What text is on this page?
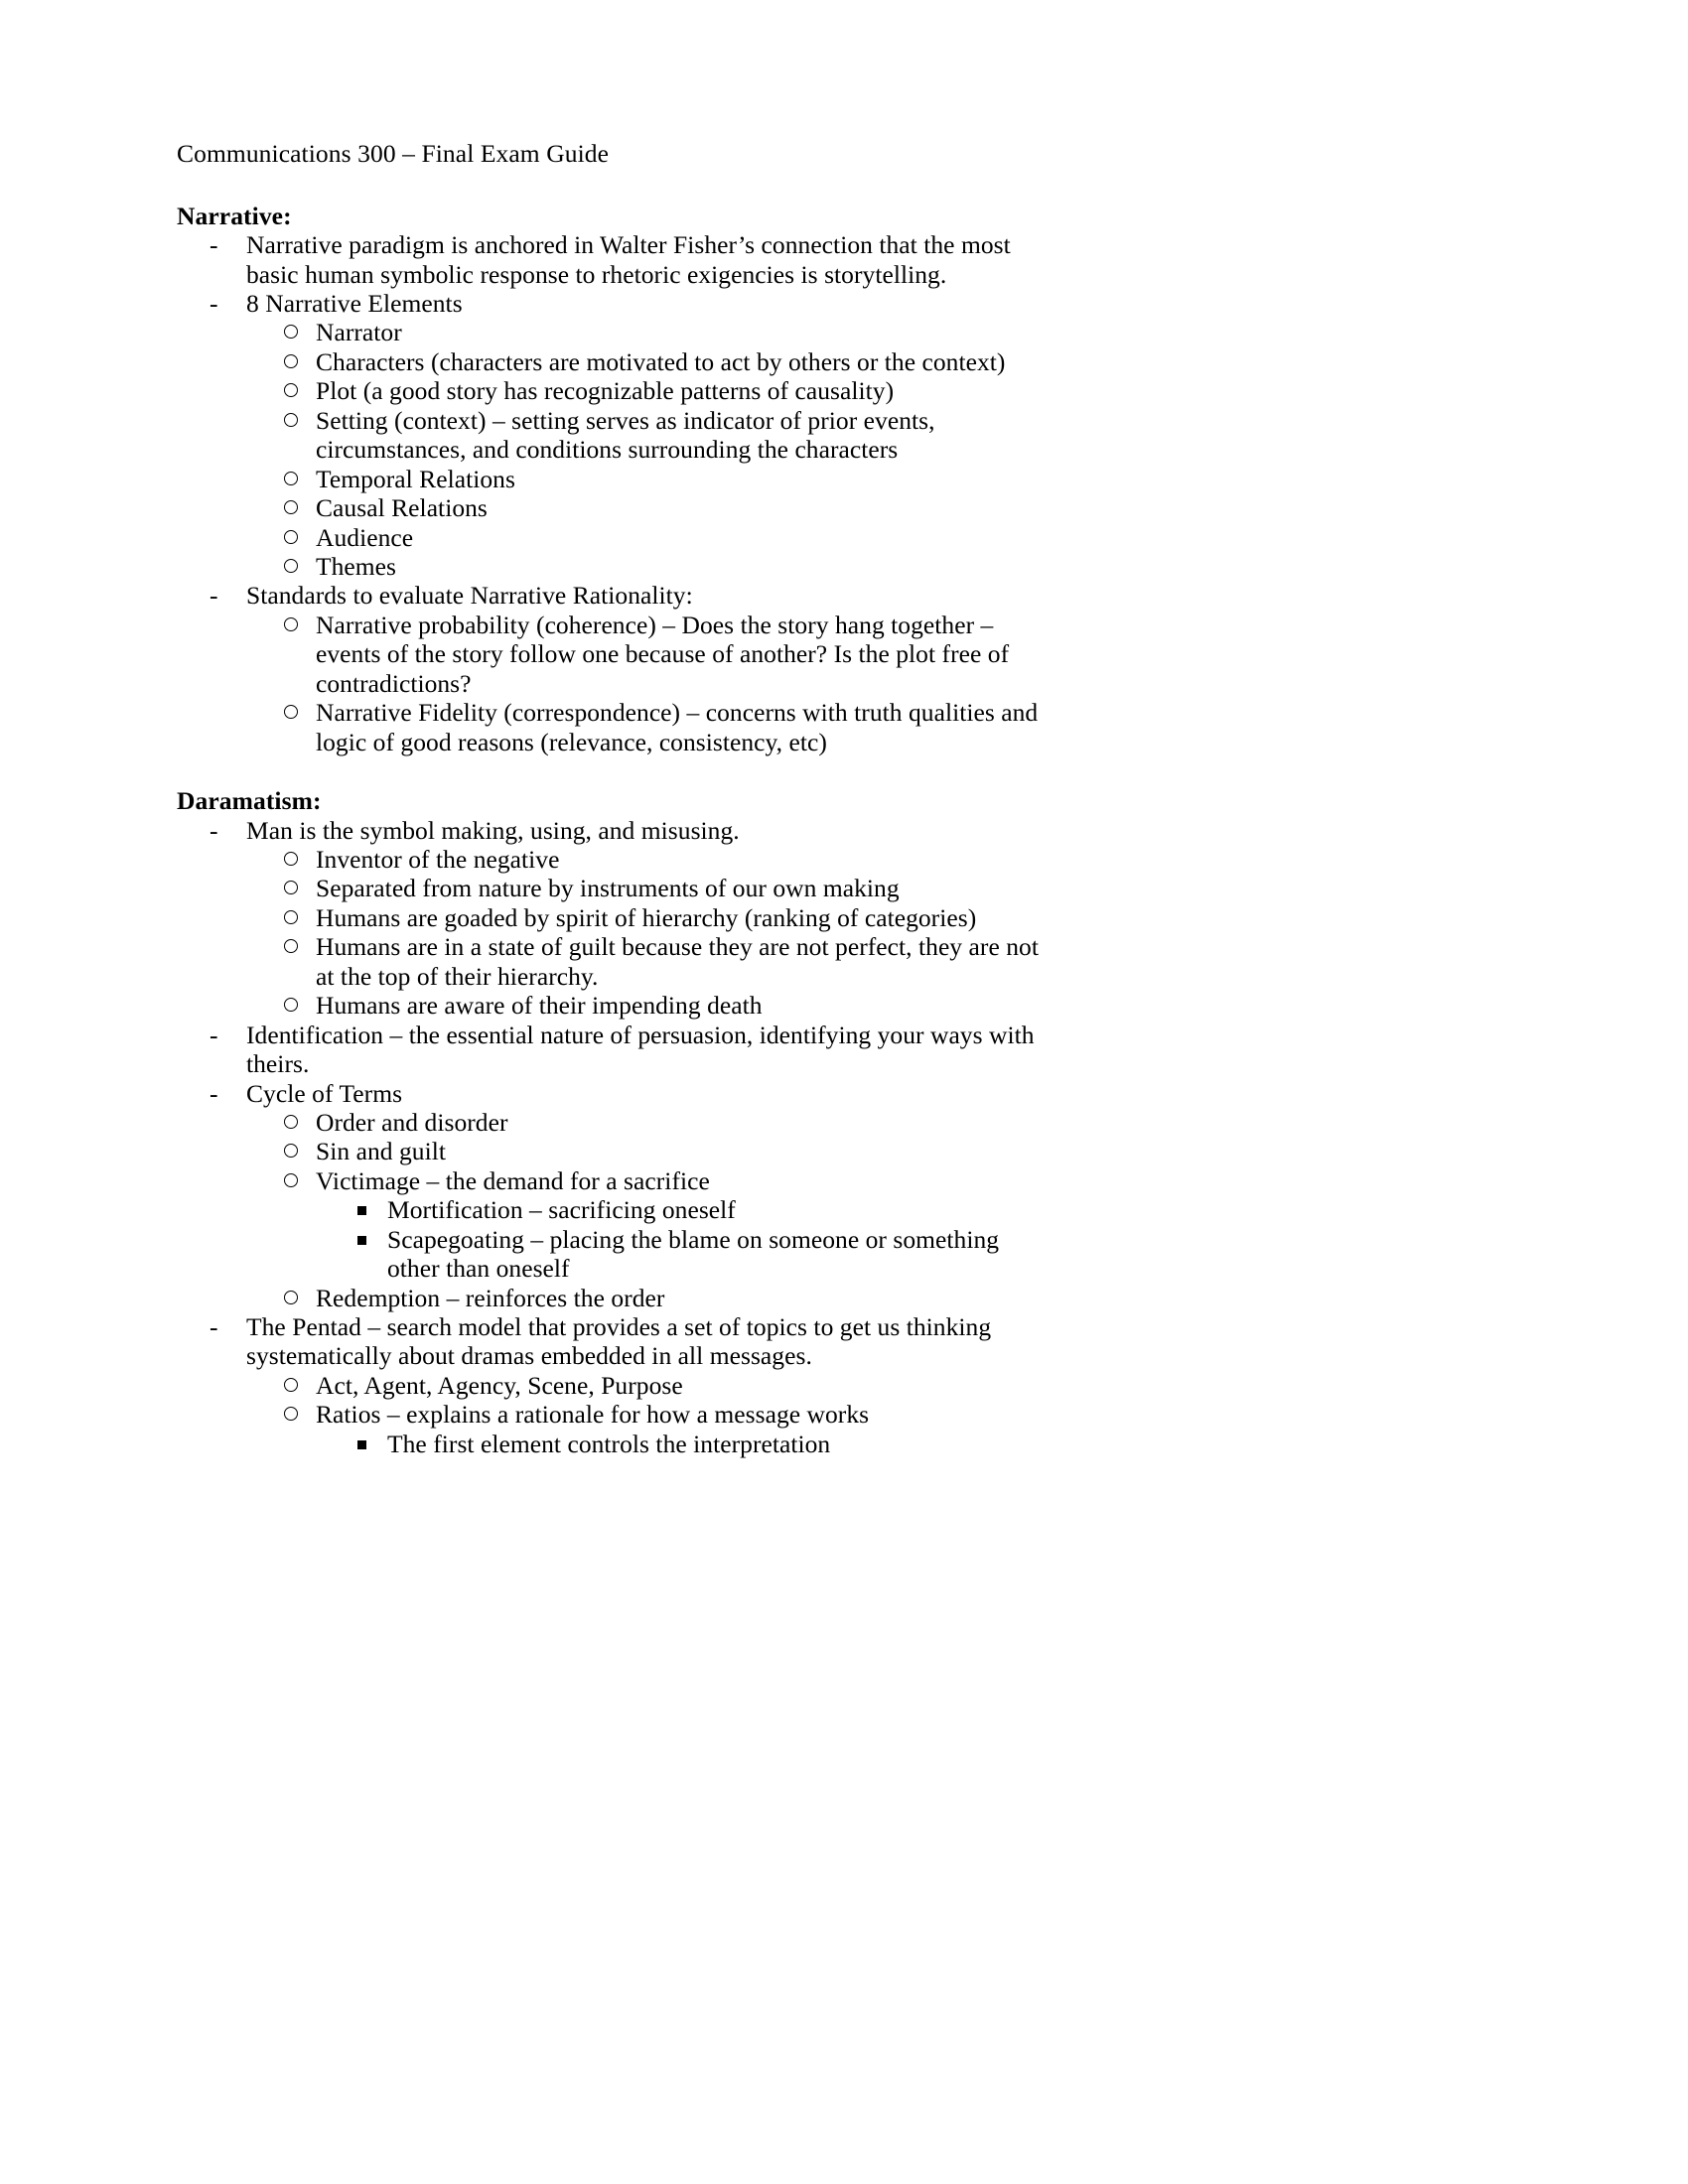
Communications 300 – Final Exam Guide
Narrative:
- Narrative paradigm is anchored in Walter Fisher’s connection that the most basic human symbolic response to rhetoric exigencies is storytelling.
- 8 Narrative Elements
Narrator
Characters (characters are motivated to act by others or the context)
Plot (a good story has recognizable patterns of causality)
Setting (context) – setting serves as indicator of prior events, circumstances, and conditions surrounding the characters
Temporal Relations
Causal Relations
Audience
Themes
- Standards to evaluate Narrative Rationality:
Narrative probability (coherence) – Does the story hang together – events of the story follow one because of another? Is the plot free of contradictions?
Narrative Fidelity (correspondence) – concerns with truth qualities and logic of good reasons (relevance, consistency, etc)
Daramatism:
- Man is the symbol making, using, and misusing.
Inventor of the negative
Separated from nature by instruments of our own making
Humans are goaded by spirit of hierarchy (ranking of categories)
Humans are in a state of guilt because they are not perfect, they are not at the top of their hierarchy.
Humans are aware of their impending death
- Identification – the essential nature of persuasion, identifying your ways with theirs.
- Cycle of Terms
Order and disorder
Sin and guilt
Victimage – the demand for a sacrifice
Mortification – sacrificing oneself
Scapegoating – placing the blame on someone or something other than oneself
Redemption – reinforces the order
- The Pentad – search model that provides a set of topics to get us thinking systematically about dramas embedded in all messages.
Act, Agent, Agency, Scene, Purpose
Ratios – explains a rationale for how a message works
The first element controls the interpretation
